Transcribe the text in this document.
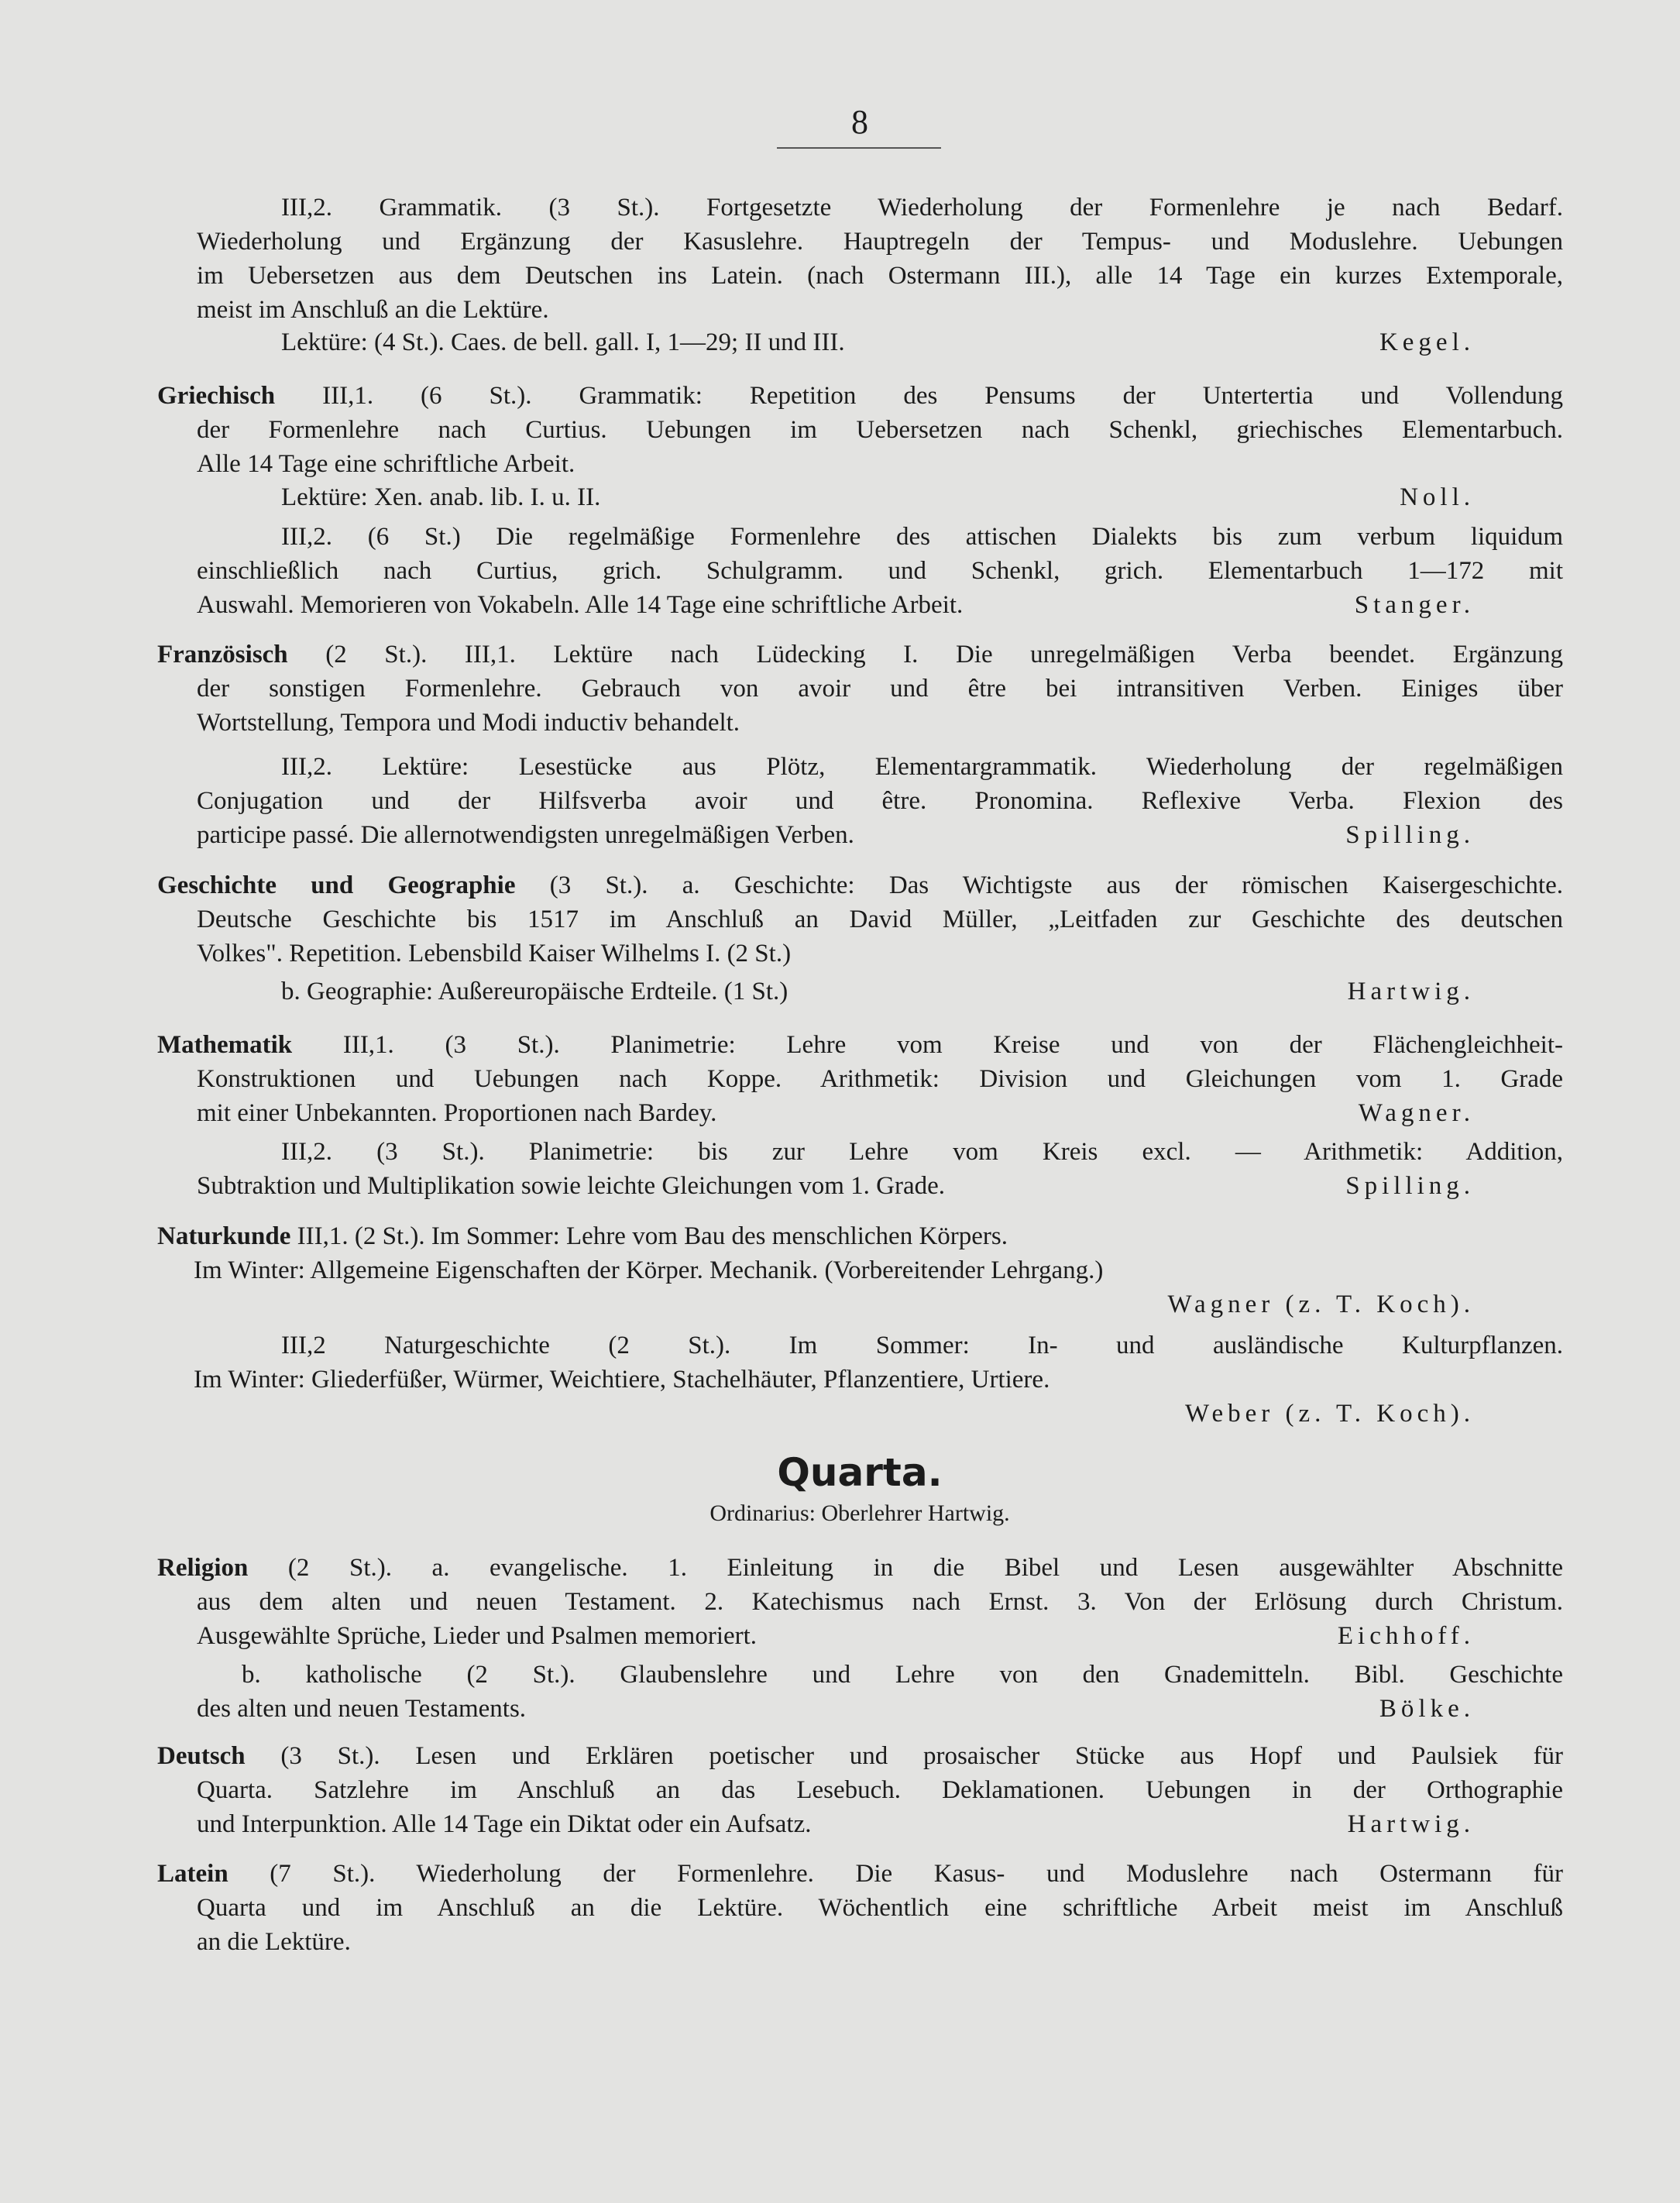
8
Quarta.
Ordinarius: Oberlehrer Hartwig.
III,2. Grammatik. (3 St.). Fortgesetzte Wiederholung der Formenlehre je nach Bedarf.
Wiederholung und Ergänzung der Kasuslehre. Hauptregeln der Tempus- und Moduslehre. Uebungen
im Uebersetzen aus dem Deutschen ins Latein. (nach Ostermann III.), alle 14 Tage ein kurzes Extemporale,
meist im Anschluß an die Lektüre.
Lektüre: (4 St.). Caes. de bell. gall. I, 1—29; II und III.	Kegel.
Griechisch III,1. (6 St.). Grammatik: Repetition des Pensums der Untertertia und Vollendung
der Formenlehre nach Curtius. Uebungen im Uebersetzen nach Schenkl, griechisches Elementarbuch.
Alle 14 Tage eine schriftliche Arbeit.
Lektüre: Xen. anab. lib. I. u. II.	Noll.
III,2. (6 St.) Die regelmäßige Formenlehre des attischen Dialekts bis zum verbum liquidum
einschließlich nach Curtius, grich. Schulgramm. und Schenkl, grich. Elementarbuch 1—172 mit
Auswahl. Memorieren von Vokabeln. Alle 14 Tage eine schriftliche Arbeit.	Stanger.
Französisch (2 St.). III,1. Lektüre nach Lüdecking I. Die unregelmäßigen Verba beendet. Ergänzung
der sonstigen Formenlehre. Gebrauch von avoir und être bei intransitiven Verben. Einiges über
Wortstellung, Tempora und Modi inductiv behandelt.
III,2. Lektüre: Lesestücke aus Plötz, Elementargrammatik. Wiederholung der regelmäßigen
Conjugation und der Hilfsverba avoir und être. Pronomina. Reflexive Verba. Flexion des
participe passé. Die allernotwendigsten unregelmäßigen Verben.	Spilling.
Geschichte und Geographie (3 St.). a. Geschichte: Das Wichtigste aus der römischen Kaisergeschichte.
Deutsche Geschichte bis 1517 im Anschluß an David Müller, „Leitfaden zur Geschichte des deutschen
Volkes". Repetition. Lebensbild Kaiser Wilhelms I. (2 St.)
b. Geographie: Außereuropäische Erdteile. (1 St.)	Hartwig.
Mathematik III,1. (3 St.). Planimetrie: Lehre vom Kreise und von der Flächengleichheit-
Konstruktionen und Uebungen nach Koppe. Arithmetik: Division und Gleichungen vom 1. Grade
mit einer Unbekannten. Proportionen nach Bardey.	Wagner.
III,2. (3 St.). Planimetrie: bis zur Lehre vom Kreis excl. — Arithmetik: Addition,
Subtraktion und Multiplikation sowie leichte Gleichungen vom 1. Grade.	Spilling.
Naturkunde III,1. (2 St.). Im Sommer: Lehre vom Bau des menschlichen Körpers.
Im Winter: Allgemeine Eigenschaften der Körper. Mechanik. (Vorbereitender Lehrgang.)
Wagner (z. T. Koch).
III,2 Naturgeschichte (2 St.). Im Sommer: In- und ausländische Kulturpflanzen.
Im Winter: Gliederfüßer, Würmer, Weichtiere, Stachelhäuter, Pflanzentiere, Urtiere.
Weber (z. T. Koch).
Religion (2 St.). a. evangelische. 1. Einleitung in die Bibel und Lesen ausgewählter Abschnitte
aus dem alten und neuen Testament. 2. Katechismus nach Ernst. 3. Von der Erlösung durch Christum.
Ausgewählte Sprüche, Lieder und Psalmen memoriert.	Eichhoff.
b. katholische (2 St.). Glaubenslehre und Lehre von den Gnademitteln. Bibl. Geschichte
des alten und neuen Testaments.	Bölke.
Deutsch (3 St.). Lesen und Erklären poetischer und prosaischer Stücke aus Hopf und Paulsiek für
Quarta. Satzlehre im Anschluß an das Lesebuch. Deklamationen. Uebungen in der Orthographie
und Interpunktion. Alle 14 Tage ein Diktat oder ein Aufsatz.	Hartwig.
Latein (7 St.). Wiederholung der Formenlehre. Die Kasus- und Moduslehre nach Ostermann für
Quarta und im Anschluß an die Lektüre. Wöchentlich eine schriftliche Arbeit meist im Anschluß
an die Lektüre.
